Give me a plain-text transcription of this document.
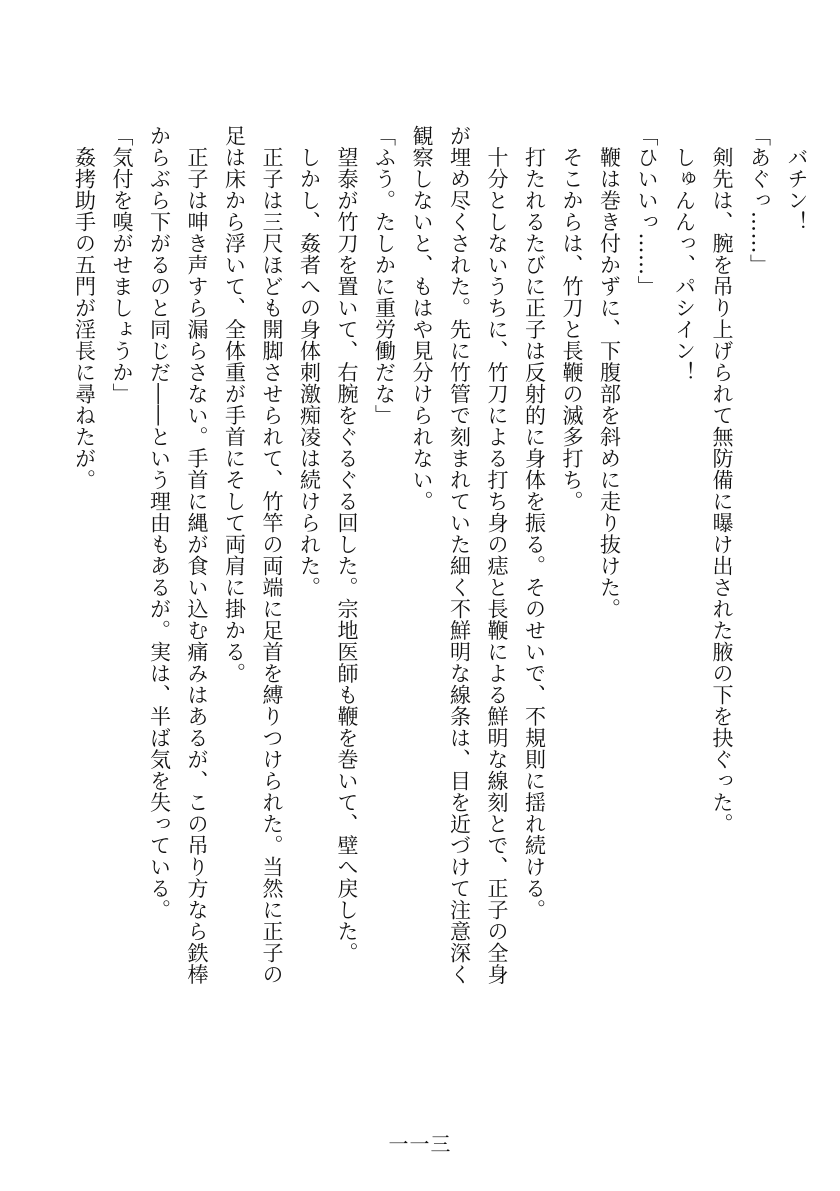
　バチン！

「あぐっ……」

　剣先は、腕を吊り上げられて無防備に曝け出された腋の下を抉ぐった。

　しゅんんっ、パシイン！

「ひいいっ……」

　鞭は巻き付かずに、下腹部を斜めに走り抜けた。

　そこからは、竹刀と長鞭の滅多打ち。

　打たれるたびに正子は反射的に身体を振る。そのせいで、不規則に揺れ続ける。

　十分としないうちに、竹刀による打ち身の痣と長鞭による鮮明な線刻とで、正子の全身

が埋め尽くされた。先に竹管で刻まれていた細く不鮮明な線条は、目を近づけて注意深く

観察しないと、もはや見分けられない。

「ふう。たしかに重労働だな」

　望泰が竹刀を置いて、右腕をぐるぐる回した。宗地医師も鞭を巻いて、壁へ戻した。

　しかし、姦者への身体刺激痴凌は続けられた。

　正子は三尺ほども開脚させられて、竹竿の両端に足首を縛りつけられた。当然に正子の

足は床から浮いて、全体重が手首にそして両肩に掛かる。

　正子は呻き声すら漏らさない。手首に縄が食い込む痛みはあるが、この吊り方なら鉄棒

からぶら下がるのと同じだ――という理由もあるが。実は、半ば気を失っている。

「気付を嗅がせましょうか」

　姦拷助手の五門が淫長に尋ねたが。

一一三
